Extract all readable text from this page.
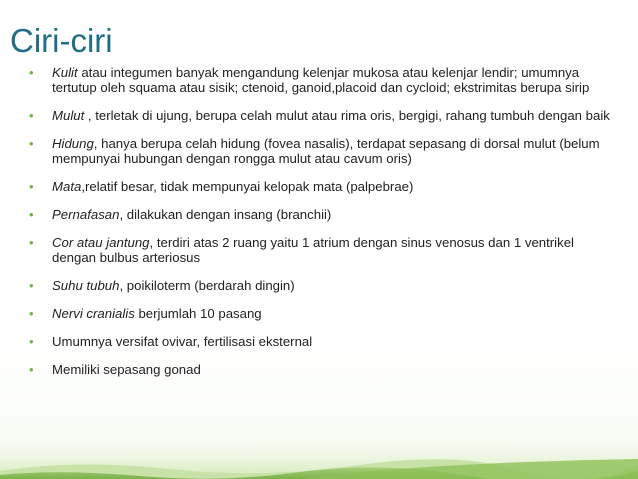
Ciri-ciri
• Kulit atau integumen banyak mengandung kelenjar mukosa atau kelenjar lendir; umumnya tertutup oleh squama atau sisik; ctenoid, ganoid,placoid dan cycloid; ekstrimitas berupa sirip
• Mulut , terletak di ujung, berupa celah mulut atau rima oris, bergigi, rahang tumbuh dengan baik
• Hidung, hanya berupa celah hidung (fovea nasalis), terdapat sepasang di dorsal mulut (belum mempunyai hubungan dengan rongga mulut atau cavum oris)
• Mata,relatif besar, tidak mempunyai kelopak mata (palpebrae)
• Pernafasan, dilakukan dengan insang (branchii)
• Cor atau jantung, terdiri atas 2 ruang yaitu 1 atrium dengan sinus venosus dan 1 ventrikel dengan bulbus arteriosus
• Suhu tubuh, poikiloterm (berdarah dingin)
• Nervi cranialis berjumlah 10 pasang
• Umumnya versifat ovivar, fertilisasi eksternal
• Memiliki sepasang gonad
